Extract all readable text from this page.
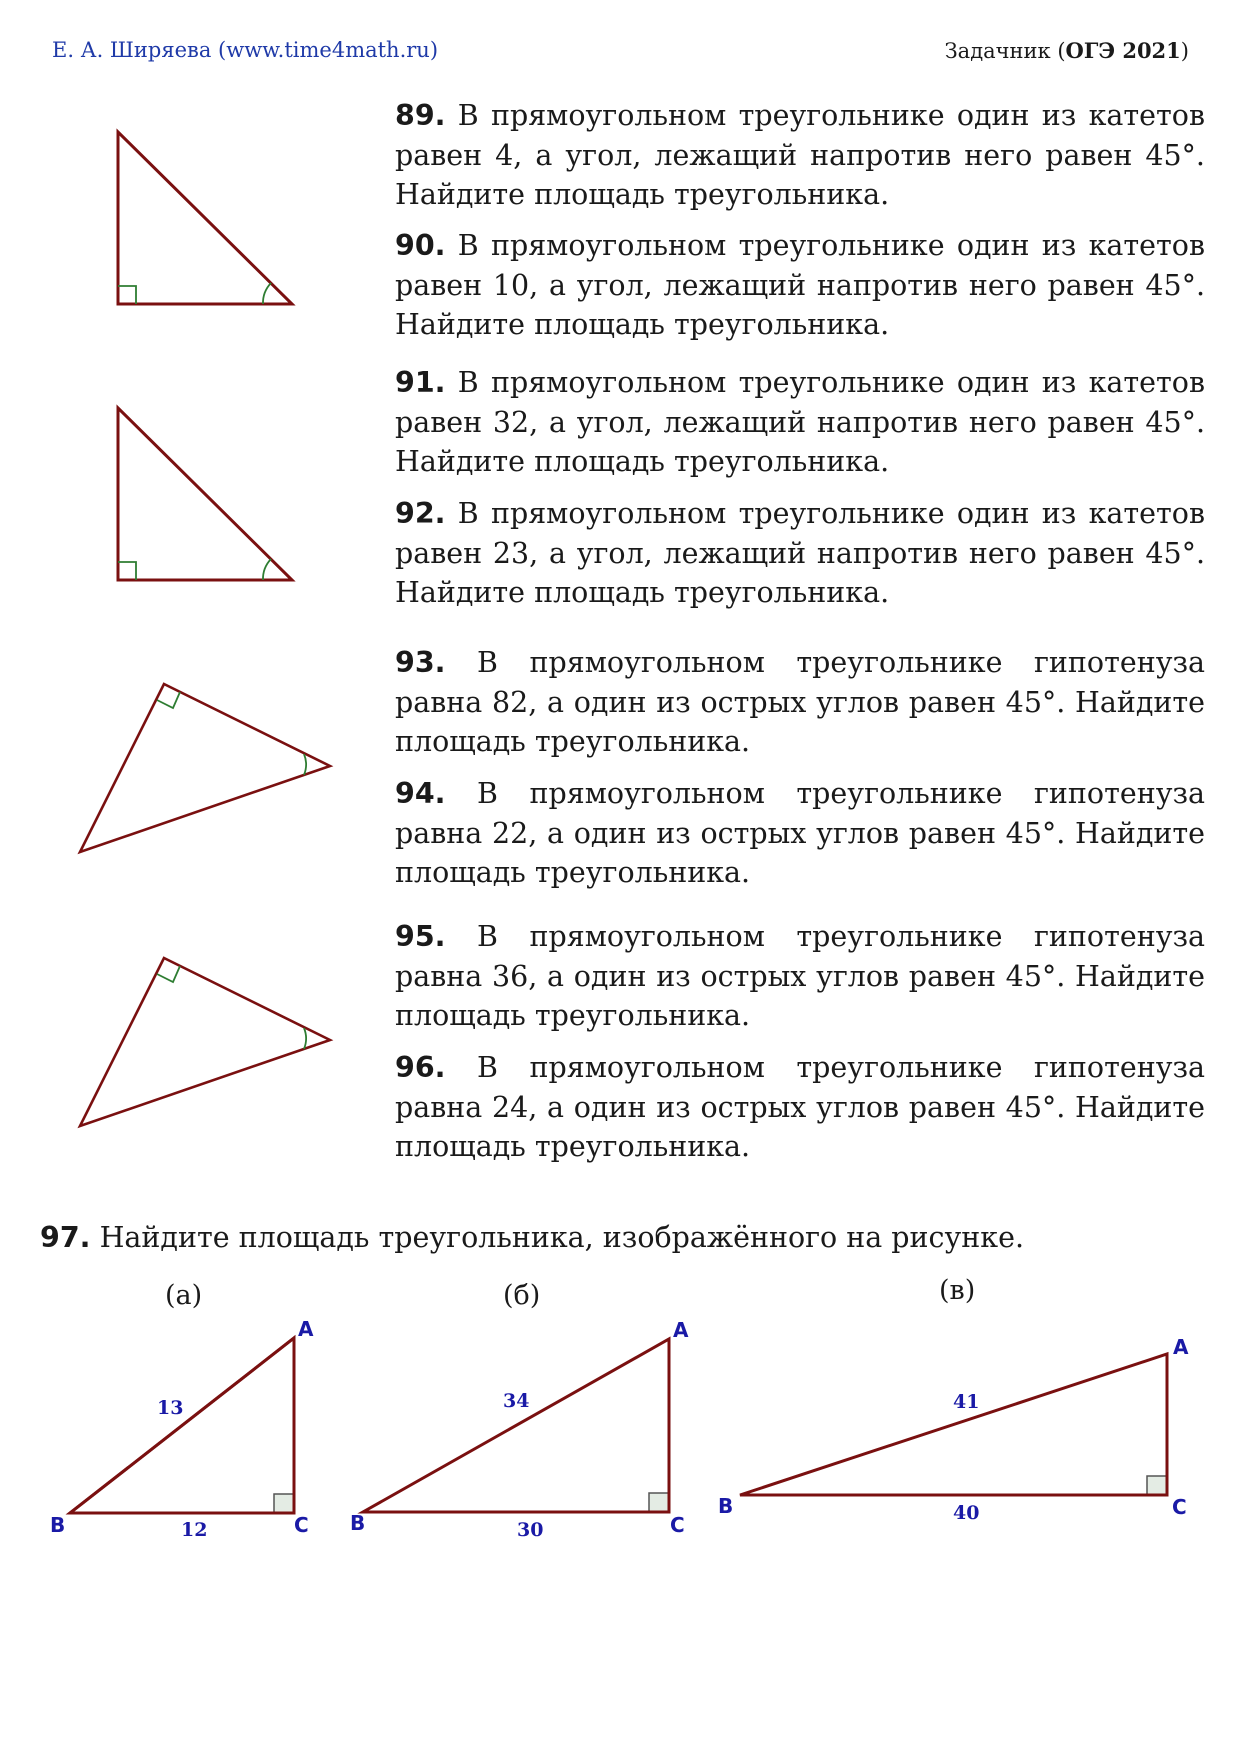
Е. А. Ширяева (www.time4math.ru)	Задачник (ОГЭ 2021)
89. В прямоугольном треугольнике один из катетов равен 4, а угол, лежащий напротив него равен 45°. Найдите площадь треугольника.
90. В прямоугольном треугольнике один из катетов равен 10, а угол, лежащий напротив него равен 45°. Найдите площадь треугольника.
91. В прямоугольном треугольнике один из катетов равен 32, а угол, лежащий напротив него равен 45°. Найдите площадь треугольника.
92. В прямоугольном треугольнике один из катетов равен 23, а угол, лежащий напротив него равен 45°. Найдите площадь треугольника.
93. В прямоугольном треугольнике гипотенуза равна 82, а один из острых углов равен 45°. Найдите площадь треугольника.
94. В прямоугольном треугольнике гипотенуза равна 22, а один из острых углов равен 45°. Найдите площадь треугольника.
95. В прямоугольном треугольнике гипотенуза равна 36, а один из острых углов равен 45°. Найдите площадь треугольника.
96. В прямоугольном треугольнике гипотенуза равна 24, а один из острых углов равен 45°. Найдите площадь треугольника.
97. Найдите площадь треугольника, изображённого на рисунке.
(а)	(б)	(в)
A
B	C
13
12
A
B	C
34
30
A
B	C
41
40
